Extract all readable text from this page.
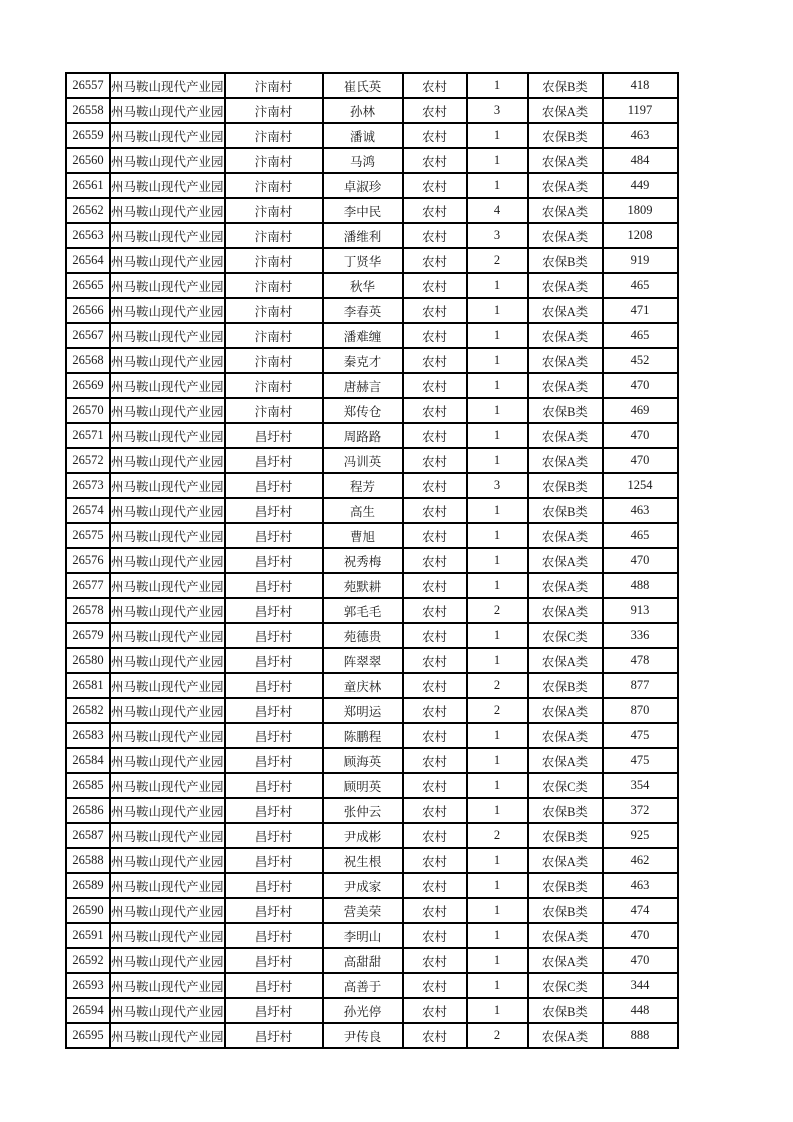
26557	州马鞍山现代产业园	汴南村	崔氏英	农村	1	农保B类	418

26558	州马鞍山现代产业园	汴南村	孙林	农村	3	农保A类	1197

26559	州马鞍山现代产业园	汴南村	潘诚	农村	1	农保B类	463

26560	州马鞍山现代产业园	汴南村	马鸿	农村	1	农保A类	484

26561	州马鞍山现代产业园	汴南村	卓淑珍	农村	1	农保A类	449

26562	州马鞍山现代产业园	汴南村	李中民	农村	4	农保A类	1809

26563	州马鞍山现代产业园	汴南村	潘维利	农村	3	农保A类	1208

26564	州马鞍山现代产业园	汴南村	丁贤华	农村	2	农保B类	919

26565	州马鞍山现代产业园	汴南村	秋华	农村	1	农保A类	465

26566	州马鞍山现代产业园	汴南村	李春英	农村	1	农保A类	471

26567	州马鞍山现代产业园	汴南村	潘难缠	农村	1	农保A类	465

26568	州马鞍山现代产业园	汴南村	秦克才	农村	1	农保A类	452

26569	州马鞍山现代产业园	汴南村	唐赫言	农村	1	农保A类	470

26570	州马鞍山现代产业园	汴南村	郑传仓	农村	1	农保B类	469

26571	州马鞍山现代产业园	昌圩村	周路路	农村	1	农保A类	470

26572	州马鞍山现代产业园	昌圩村	冯训英	农村	1	农保A类	470

26573	州马鞍山现代产业园	昌圩村	程芳	农村	3	农保B类	1254

26574	州马鞍山现代产业园	昌圩村	高生	农村	1	农保B类	463

26575	州马鞍山现代产业园	昌圩村	曹旭	农村	1	农保A类	465

26576	州马鞍山现代产业园	昌圩村	祝秀梅	农村	1	农保A类	470

26577	州马鞍山现代产业园	昌圩村	苑默耕	农村	1	农保A类	488

26578	州马鞍山现代产业园	昌圩村	郭毛毛	农村	2	农保A类	913

26579	州马鞍山现代产业园	昌圩村	苑德贵	农村	1	农保C类	336

26580	州马鞍山现代产业园	昌圩村	阵翠翠	农村	1	农保A类	478

26581	州马鞍山现代产业园	昌圩村	童庆林	农村	2	农保B类	877

26582	州马鞍山现代产业园	昌圩村	郑明运	农村	2	农保A类	870

26583	州马鞍山现代产业园	昌圩村	陈鹏程	农村	1	农保A类	475

26584	州马鞍山现代产业园	昌圩村	顾海英	农村	1	农保A类	475

26585	州马鞍山现代产业园	昌圩村	顾明英	农村	1	农保C类	354

26586	州马鞍山现代产业园	昌圩村	张仲云	农村	1	农保B类	372

26587	州马鞍山现代产业园	昌圩村	尹成彬	农村	2	农保B类	925

26588	州马鞍山现代产业园	昌圩村	祝生根	农村	1	农保A类	462

26589	州马鞍山现代产业园	昌圩村	尹成家	农村	1	农保B类	463

26590	州马鞍山现代产业园	昌圩村	营美荣	农村	1	农保B类	474

26591	州马鞍山现代产业园	昌圩村	李明山	农村	1	农保A类	470

26592	州马鞍山现代产业园	昌圩村	高甜甜	农村	1	农保A类	470

26593	州马鞍山现代产业园	昌圩村	高善于	农村	1	农保C类	344

26594	州马鞍山现代产业园	昌圩村	孙光停	农村	1	农保B类	448

26595	州马鞍山现代产业园	昌圩村	尹传良	农村	2	农保A类	888
